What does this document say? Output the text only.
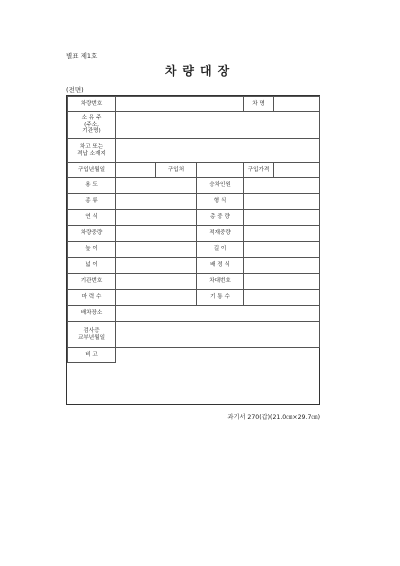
별표 제1호
차량대장
(전면)
차량번호				차 명	
소 유 주
(주소,
기관명)					
차고 또는
격납 소재지					
구입년월일		구입처		구입가격	
용 도			승차인원		
종 류			형 식		
연 식			총 중 량		
차량중량			적재중량		
높 이			길 이		
넓 이			배 정 식		
기관번호			차대번호		
마 력 수			기 통 수		
배차장소					
검사증
교부년월일					
비 고					
과기서 270(갑)(21.0㎝×29.7㎝)
